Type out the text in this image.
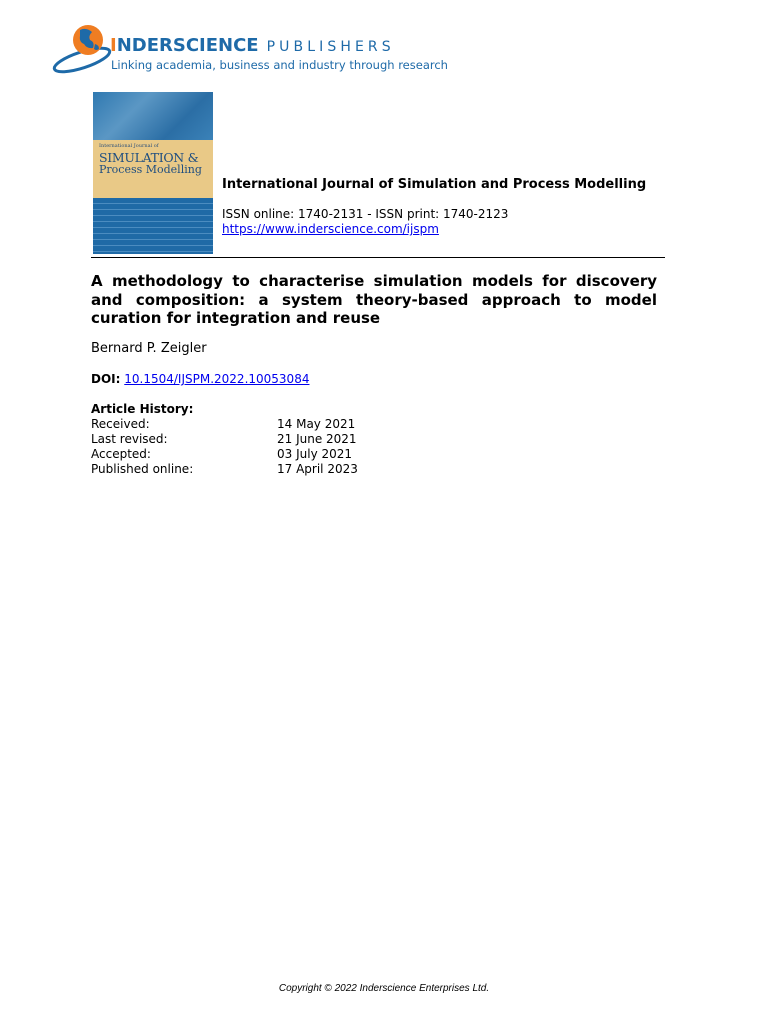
INDERSCIENCE PUBLISHERS
Linking academia, business and industry through research
International Journal of
SIMULATION &
Process Modelling
International Journal of Simulation and Process Modelling
ISSN online: 1740-2131 - ISSN print: 1740-2123
https://www.inderscience.com/ijspm
A methodology to characterise simulation models for discovery and composition: a system theory-based approach to model curation for integration and reuse
Bernard P. Zeigler
DOI: 10.1504/IJSPM.2022.10053084
Article History:
Received:	14 May 2021
Last revised:	21 June 2021
Accepted:	03 July 2021
Published online:	17 April 2023
Copyright © 2022 Inderscience Enterprises Ltd.
